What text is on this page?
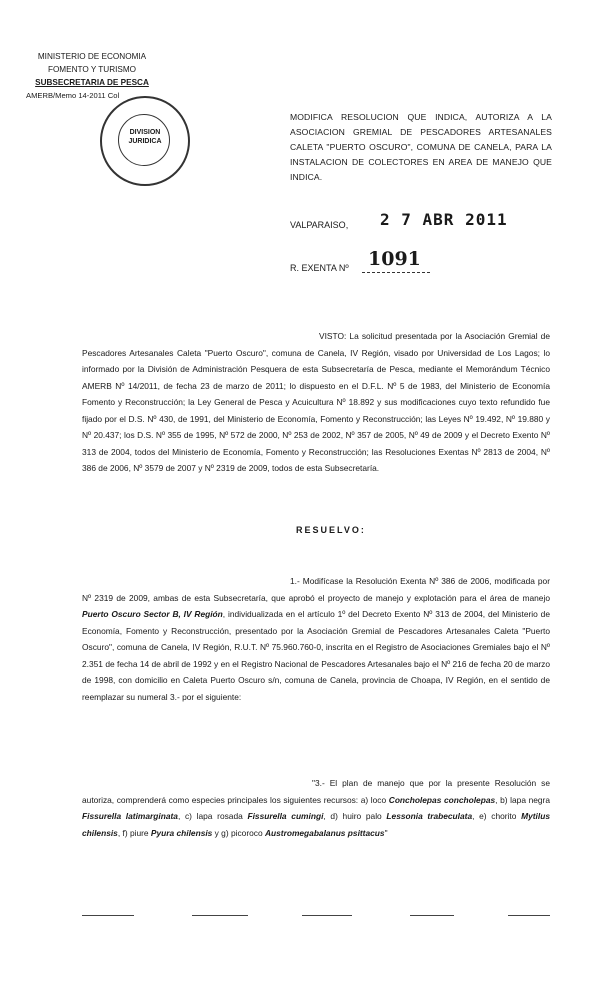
MINISTERIO DE ECONOMIA
FOMENTO Y TURISMO
SUBSECRETARIA DE PESCA
AMERB/Memo 14-2011 Col
DIVISION JURIDICA
MODIFICA RESOLUCION QUE INDICA, AUTORIZA A LA ASOCIACION GREMIAL DE PESCADORES ARTESANALES CALETA "PUERTO OSCURO", COMUNA DE CANELA, PARA LA INSTALACION DE COLECTORES EN AREA DE MANEJO QUE INDICA.
VALPARAISO, 2 7 ABR 2011
R. EXENTA Nº 1091
VISTO: La solicitud presentada por la Asociación Gremial de Pescadores Artesanales Caleta "Puerto Oscuro", comuna de Canela, IV Región, visado por Universidad de Los Lagos; lo informado por la División de Administración Pesquera de esta Subsecretaría de Pesca, mediante el Memorándum Técnico AMERB Nº 14/2011, de fecha 23 de marzo de 2011; lo dispuesto en el D.F.L. Nº 5 de 1983, del Ministerio de Economía Fomento y Reconstrucción; la Ley General de Pesca y Acuicultura Nº 18.892 y sus modificaciones cuyo texto refundido fue fijado por el D.S. Nº 430, de 1991, del Ministerio de Economía, Fomento y Reconstrucción; las Leyes Nº 19.492, Nº 19.880 y Nº 20.437; los D.S. Nº 355 de 1995, Nº 572 de 2000, Nº 253 de 2002, Nº 357 de 2005, Nº 49 de 2009 y el Decreto Exento Nº 313 de 2004, todos del Ministerio de Economía, Fomento y Reconstrucción; las Resoluciones Exentas Nº 2813 de 2004, Nº 386 de 2006, Nº 3579 de 2007 y Nº 2319 de 2009, todos de esta Subsecretaría.
RESUELVO:
1.- Modifícase la Resolución Exenta Nº 386 de 2006, modificada por Nº 2319 de 2009, ambas de esta Subsecretaría, que aprobó el proyecto de manejo y explotación para el área de manejo Puerto Oscuro Sector B, IV Región, individualizada en el artículo 1º del Decreto Exento Nº 313 de 2004, del Ministerio de Economía, Fomento y Reconstrucción, presentado por la Asociación Gremial de Pescadores Artesanales Caleta "Puerto Oscuro", comuna de Canela, IV Región, R.U.T. Nº 75.960.760-0, inscrita en el Registro de Asociaciones Gremiales bajo el Nº 2.351 de fecha 14 de abril de 1992 y en el Registro Nacional de Pescadores Artesanales bajo el Nº 216 de fecha 20 de marzo de 1998, con domicilio en Caleta Puerto Oscuro s/n, comuna de Canela, provincia de Choapa, IV Región, en el sentido de reemplazar su numeral 3.- por el siguiente:
"3.- El plan de manejo que por la presente Resolución se autoriza, comprenderá como especies principales los siguientes recursos: a) loco Concholepas concholepas, b) lapa negra Fissurella latimarginata, c) lapa rosada Fissurella cumingi, d) huiro palo Lessonia trabeculata, e) chorito Mytilus chilensis, f) piure Pyura chilensis y g) picoroco Austromegabalanus psittacus"
